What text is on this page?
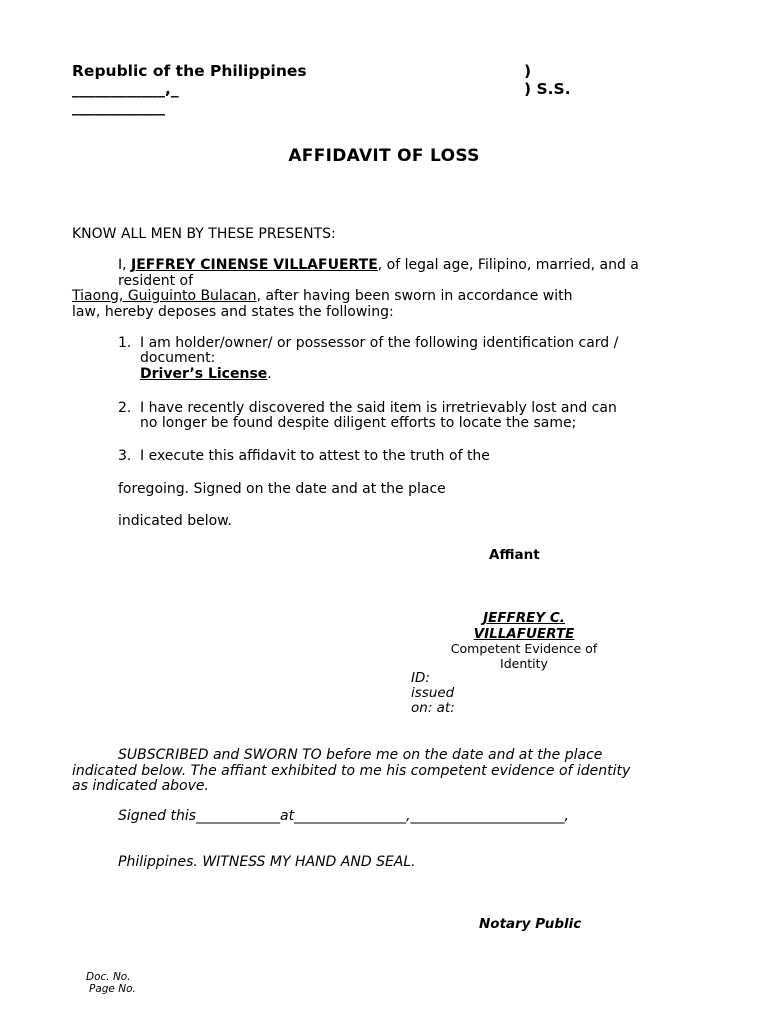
Republic of the Philippines	)
____________,_	) S.S.
____________
AFFIDAVIT OF LOSS
KNOW ALL MEN BY THESE PRESENTS:
I, JEFFREY CINENSE VILLAFUERTE, of legal age, Filipino, married, and a
resident of
Tiaong, Guiguinto Bulacan, after having been sworn in accordance with
law, hereby deposes and states the following:
1. I am holder/owner/ or possessor of the following identification card /
document:
Driver’s License.
2. I have recently discovered the said item is irretrievably lost and can
no longer be found despite diligent efforts to locate the same;
3. I execute this affidavit to attest to the truth of the
foregoing. Signed on the date and at the place
indicated below.
Affiant
JEFFREY C.
VILLAFUERTE
Competent Evidence of
Identity
ID:
issued
on: at:
SUBSCRIBED and SWORN TO before me on the date and at the place
indicated below. The affiant exhibited to me his competent evidence of identity
as indicated above.
Signed this____________at________________,______________________,
Philippines. WITNESS MY HAND AND SEAL.
Notary Public
Doc. No.
Page No.
